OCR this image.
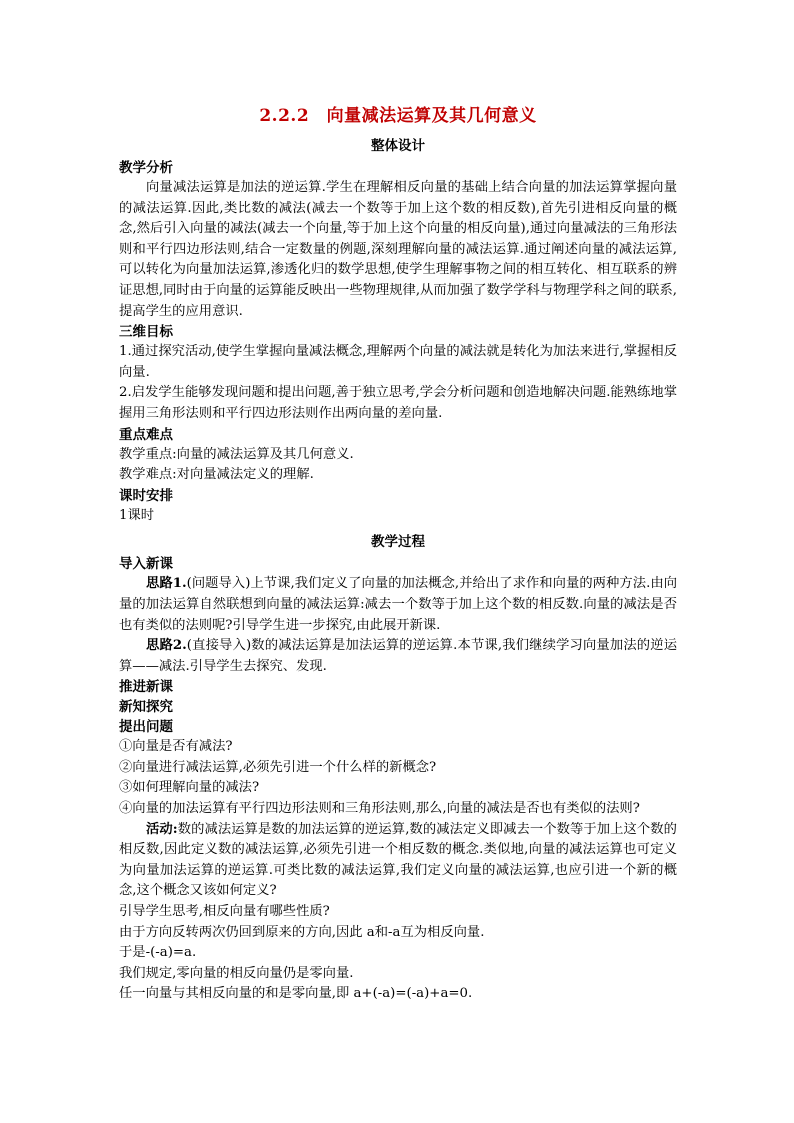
2.2.2　向量减法运算及其几何意义
整体设计
教学分析

向量减法运算是加法的逆运算.学生在理解相反向量的基础上结合向量的加法运算掌握向量的减法运算.因此,类比数的减法(减去一个数等于加上这个数的相反数),首先引进相反向量的概念,然后引入向量的减法(减去一个向量,等于加上这个向量的相反向量),通过向量减法的三角形法则和平行四边形法则,结合一定数量的例题,深刻理解向量的减法运算.通过阐述向量的减法运算,可以转化为向量加法运算,渗透化归的数学思想,使学生理解事物之间的相互转化、相互联系的辨证思想,同时由于向量的运算能反映出一些物理规律,从而加强了数学学科与物理学科之间的联系,提高学生的应用意识.

三维目标

1.通过探究活动,使学生掌握向量减法概念,理解两个向量的减法就是转化为加法来进行,掌握相反向量.

2.启发学生能够发现问题和提出问题,善于独立思考,学会分析问题和创造地解决问题.能熟练地掌握用三角形法则和平行四边形法则作出两向量的差向量.

重点难点

教学重点:向量的减法运算及其几何意义.

教学难点:对向量减法定义的理解.

课时安排

1课时

教学过程
导入新课

思路1.(问题导入)上节课,我们定义了向量的加法概念,并给出了求作和向量的两种方法.由向量的加法运算自然联想到向量的减法运算:减去一个数等于加上这个数的相反数.向量的减法是否也有类似的法则呢?引导学生进一步探究,由此展开新课.

思路2.(直接导入)数的减法运算是加法运算的逆运算.本节课,我们继续学习向量加法的逆运算——减法.引导学生去探究、发现.

推进新课
新知探究
提出问题

①向量是否有减法?

②向量进行减法运算,必须先引进一个什么样的新概念?

③如何理解向量的减法?

④向量的加法运算有平行四边形法则和三角形法则,那么,向量的减法是否也有类似的法则?

活动:数的减法运算是数的加法运算的逆运算,数的减法定义即减去一个数等于加上这个数的相反数,因此定义数的减法运算,必须先引进一个相反数的概念.类似地,向量的减法运算也可定义为向量加法运算的逆运算.可类比数的减法运算,我们定义向量的减法运算,也应引进一个新的概念,这个概念又该如何定义?

引导学生思考,相反向量有哪些性质?

由于方向反转两次仍回到原来的方向,因此 a和-a互为相反向量.

于是-(-a)=a.

我们规定,零向量的相反向量仍是零向量.

任一向量与其相反向量的和是零向量,即 a+(-a)=(-a)+a=0.
